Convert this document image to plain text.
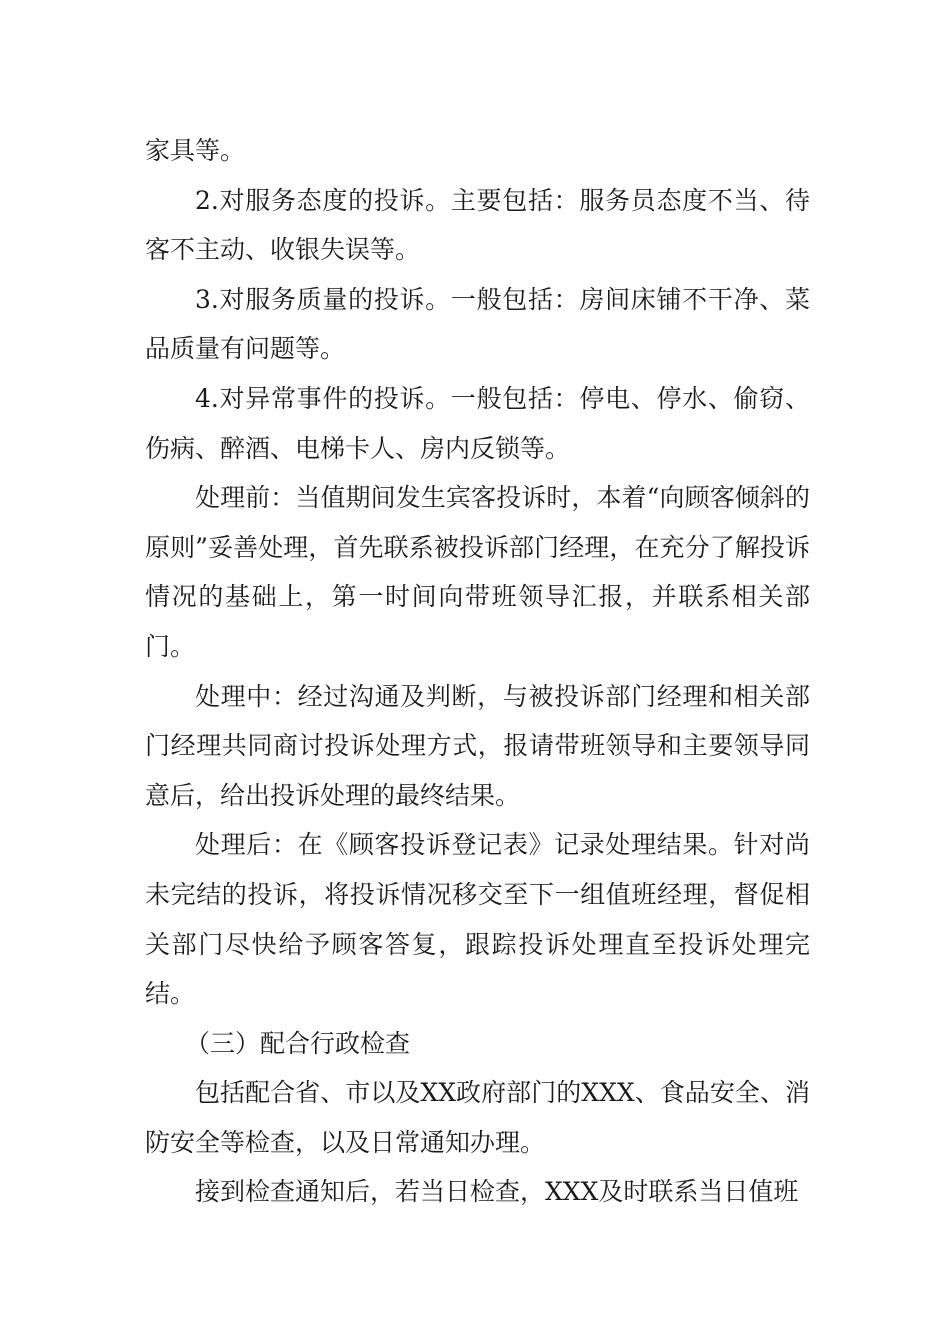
家具等。

2.对服务态度的投诉。主要包括：服务员态度不当、待客不主动、收银失误等。

3.对服务质量的投诉。一般包括：房间床铺不干净、菜品质量有问题等。

4.对异常事件的投诉。一般包括：停电、停水、偷窃、伤病、醉酒、电梯卡人、房内反锁等。

处理前：当值期间发生宾客投诉时，本着“向顾客倾斜的原则”妥善处理，首先联系被投诉部门经理，在充分了解投诉情况的基础上，第一时间向带班领导汇报，并联系相关部门。

处理中：经过沟通及判断，与被投诉部门经理和相关部门经理共同商讨投诉处理方式，报请带班领导和主要领导同意后，给出投诉处理的最终结果。

处理后：在《顾客投诉登记表》记录处理结果。针对尚未完结的投诉，将投诉情况移交至下一组值班经理，督促相关部门尽快给予顾客答复，跟踪投诉处理直至投诉处理完结。

（三）配合行政检查

包括配合省、市以及XX政府部门的XXX、食品安全、消防安全等检查，以及日常通知办理。

接到检查通知后，若当日检查，XXX及时联系当日值班
